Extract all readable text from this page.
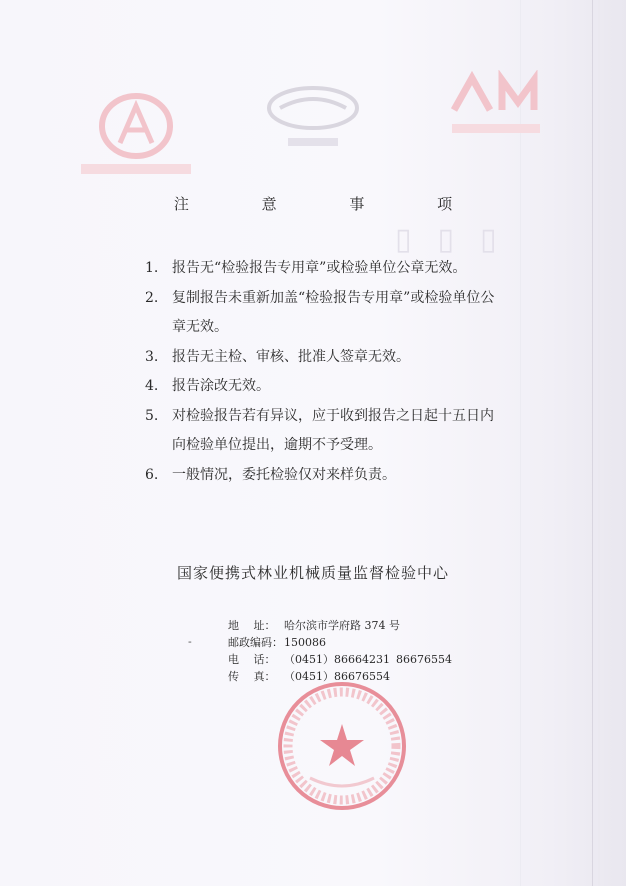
▯▯▯
注 意 事 项
1. 报告无“检验报告专用章”或检验单位公章无效。
2. 复制报告未重新加盖“检验报告专用章”或检验单位公章无效。
3. 报告无主检、审核、批准人签章无效。
4. 报告涂改无效。
5. 对检验报告若有异议，应于收到报告之日起十五日内向检验单位提出，逾期不予受理。
6. 一般情况，委托检验仅对来样负责。
国家便携式林业机械质量监督检验中心
-
地　 址： 哈尔滨市学府路 374 号
邮政编码：150086
电　 话： （0451）86664231 86676554
传　 真： （0451）86676554
